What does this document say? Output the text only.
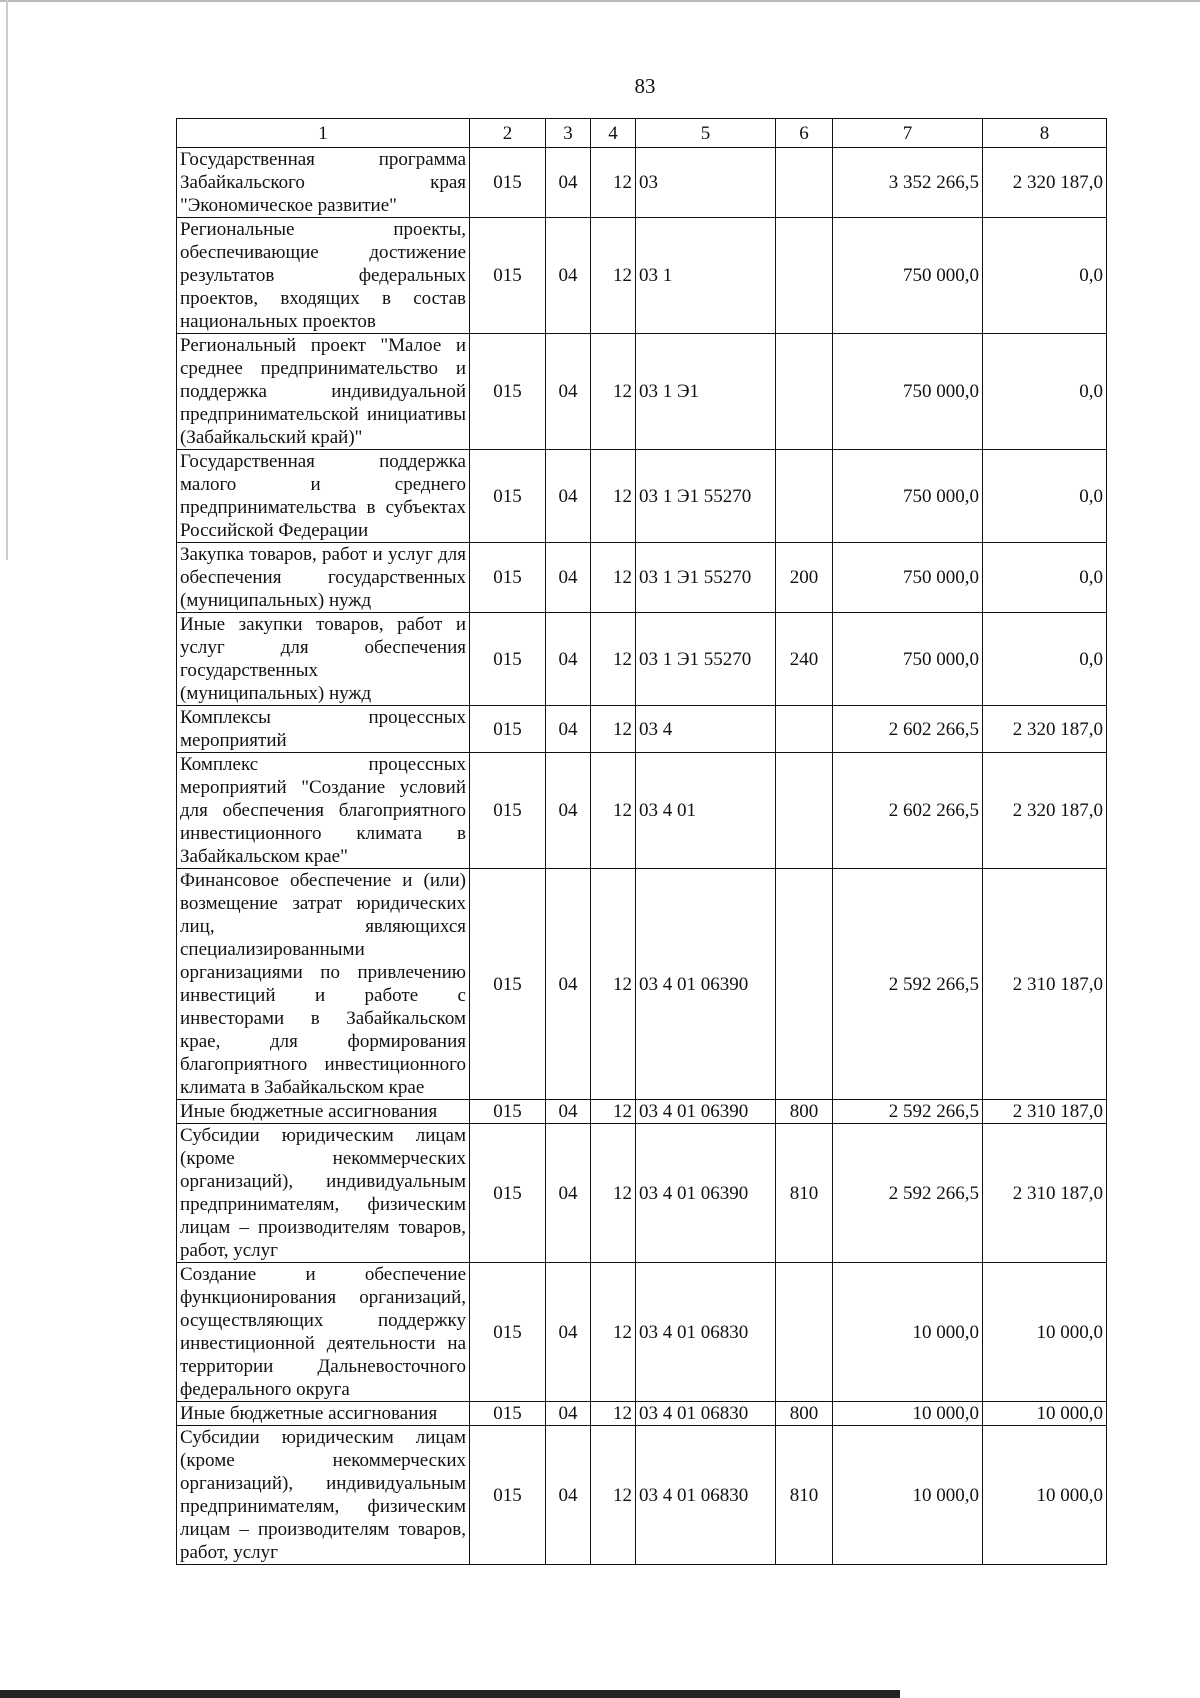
83
1	2	3	4	5	6	7	8
Государственная программа Забайкальского края "Экономическое развитие"	015	04	12	03		3 352 266,5	2 320 187,0
Региональные проекты, обеспечивающие достижение результатов федеральных проектов, входящих в состав национальных проектов	015	04	12	03 1		750 000,0	0,0
Региональный проект "Малое и среднее предпринимательство и поддержка индивидуальной предпринимательской инициативы (Забайкальский край)"	015	04	12	03 1 Э1		750 000,0	0,0
Государственная поддержка малого и среднего предпринимательства в субъектах Российской Федерации	015	04	12	03 1 Э1 55270		750 000,0	0,0
Закупка товаров, работ и услуг для обеспечения государственных (муниципальных) нужд	015	04	12	03 1 Э1 55270	200	750 000,0	0,0
Иные закупки товаров, работ и услуг для обеспечения государственных (муниципальных) нужд	015	04	12	03 1 Э1 55270	240	750 000,0	0,0
Комплексы процессных мероприятий	015	04	12	03 4		2 602 266,5	2 320 187,0
Комплекс процессных мероприятий "Создание условий для обеспечения благоприятного инвестиционного климата в Забайкальском крае"	015	04	12	03 4 01		2 602 266,5	2 320 187,0
Финансовое обеспечение и (или) возмещение затрат юридических лиц, являющихся специализированными организациями по привлечению инвестиций и работе с инвесторами в Забайкальском крае, для формирования благоприятного инвестиционного климата в Забайкальском крае	015	04	12	03 4 01 06390		2 592 266,5	2 310 187,0
Иные бюджетные ассигнования	015	04	12	03 4 01 06390	800	2 592 266,5	2 310 187,0
Субсидии юридическим лицам (кроме некоммерческих организаций), индивидуальным предпринимателям, физическим лицам – производителям товаров, работ, услуг	015	04	12	03 4 01 06390	810	2 592 266,5	2 310 187,0
Создание и обеспечение функционирования организаций, осуществляющих поддержку инвестиционной деятельности на территории Дальневосточного федерального округа	015	04	12	03 4 01 06830		10 000,0	10 000,0
Иные бюджетные ассигнования	015	04	12	03 4 01 06830	800	10 000,0	10 000,0
Субсидии юридическим лицам (кроме некоммерческих организаций), индивидуальным предпринимателям, физическим лицам – производителям товаров, работ, услуг	015	04	12	03 4 01 06830	810	10 000,0	10 000,0
